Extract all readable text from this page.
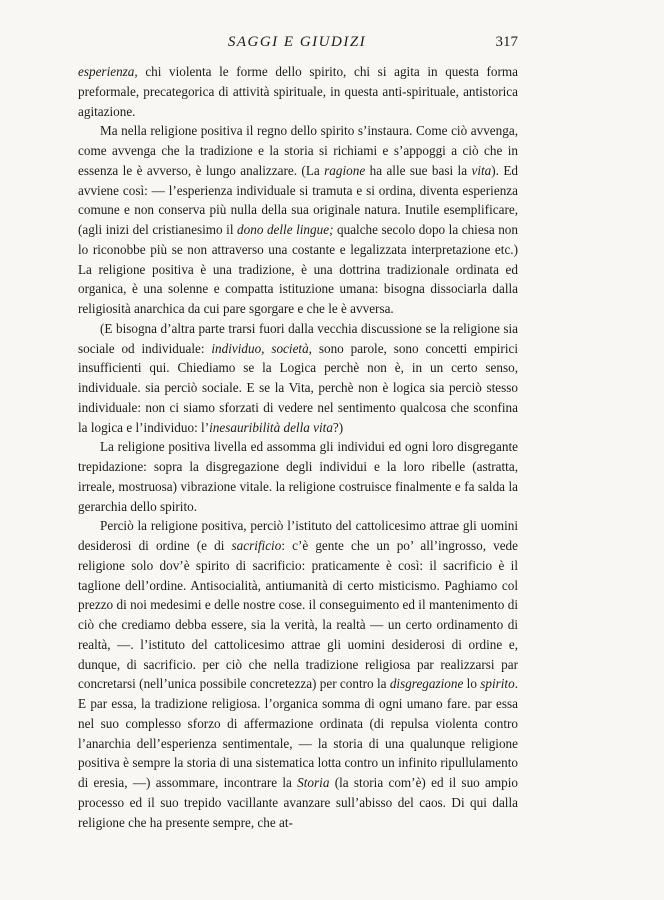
SAGGI E GIUDIZI	317

esperienza, chi violenta le forme dello spirito, chi si agita in questa forma preformale, precategorica di attività spirituale, in questa anti-spirituale, antistorica agitazione.

Ma nella religione positiva il regno dello spirito s’instaura. Come ciò avvenga, come avvenga che la tradizione e la storia si richiami e s’appoggi a ciò che in essenza le è avverso, è lungo analizzare. (La ragione ha alle sue basi la vita). Ed avviene così: — l’esperienza individuale si tramuta e si ordina, diventa esperienza comune e non conserva più nulla della sua originale natura. Inutile esemplificare, (agli inizi del cristianesimo il dono delle lingue; qualche secolo dopo la chiesa non lo riconobbe più se non attraverso una costante e legalizzata interpretazione etc.) La religione positiva è una tradizione, è una dottrina tradizionale ordinata ed organica, è una solenne e compatta istituzione umana: bisogna dissociarla dalla religiosità anarchica da cui pare sgorgare e che le è avversa.

(E bisogna d’altra parte trarsi fuori dalla vecchia discussione se la religione sia sociale od individuale: individuo, società, sono parole, sono concetti empirici insufficienti qui. Chiediamo se la Logica perchè non è, in un certo senso, individuale. sia perciò sociale. E se la Vita, perchè non è logica sia perciò stesso individuale: non ci siamo sforzati di vedere nel sentimento qualcosa che sconfina la logica e l’individuo: l’inesauribilità della vita?)

La religione positiva livella ed assomma gli individui ed ogni loro disgregante trepidazione: sopra la disgregazione degli individui e la loro ribelle (astratta, irreale, mostruosa) vibrazione vitale. la religione costruisce finalmente e fa salda la gerarchia dello spirito.

Perciò la religione positiva, perciò l’istituto del cattolicesimo attrae gli uomini desiderosi di ordine (e di sacrificio: c’è gente che un po’ all’ingrosso, vede religione solo dov’è spirito di sacrificio: praticamente è così: il sacrificio è il taglione dell’ordine. Antisocialità, antiumanità di certo misticismo. Paghiamo col prezzo di noi medesimi e delle nostre cose. il conseguimento ed il mantenimento di ciò che crediamo debba essere, sia la verità, la realtà — un certo ordinamento di realtà, —. l’istituto del cattolicesimo attrae gli uomini desiderosi di ordine e, dunque, di sacrificio. per ciò che nella tradizione religiosa par realizzarsi par concretarsi (nell’unica possibile concretezza) per contro la disgregazione lo spirito. E par essa, la tradizione religiosa. l’organica somma di ogni umano fare. par essa nel suo complesso sforzo di affermazione ordinata (di repulsa violenta contro l’anarchia dell’esperienza sentimentale, — la storia di una qualunque religione positiva è sempre la storia di una sistematica lotta contro un infinito ripullulamento di eresia, —) assommare, incontrare la Storia (la storia com’è) ed il suo ampio processo ed il suo trepido vacillante avanzare sull’abisso del caos. Di qui dalla religione che ha presente sempre, che at-
